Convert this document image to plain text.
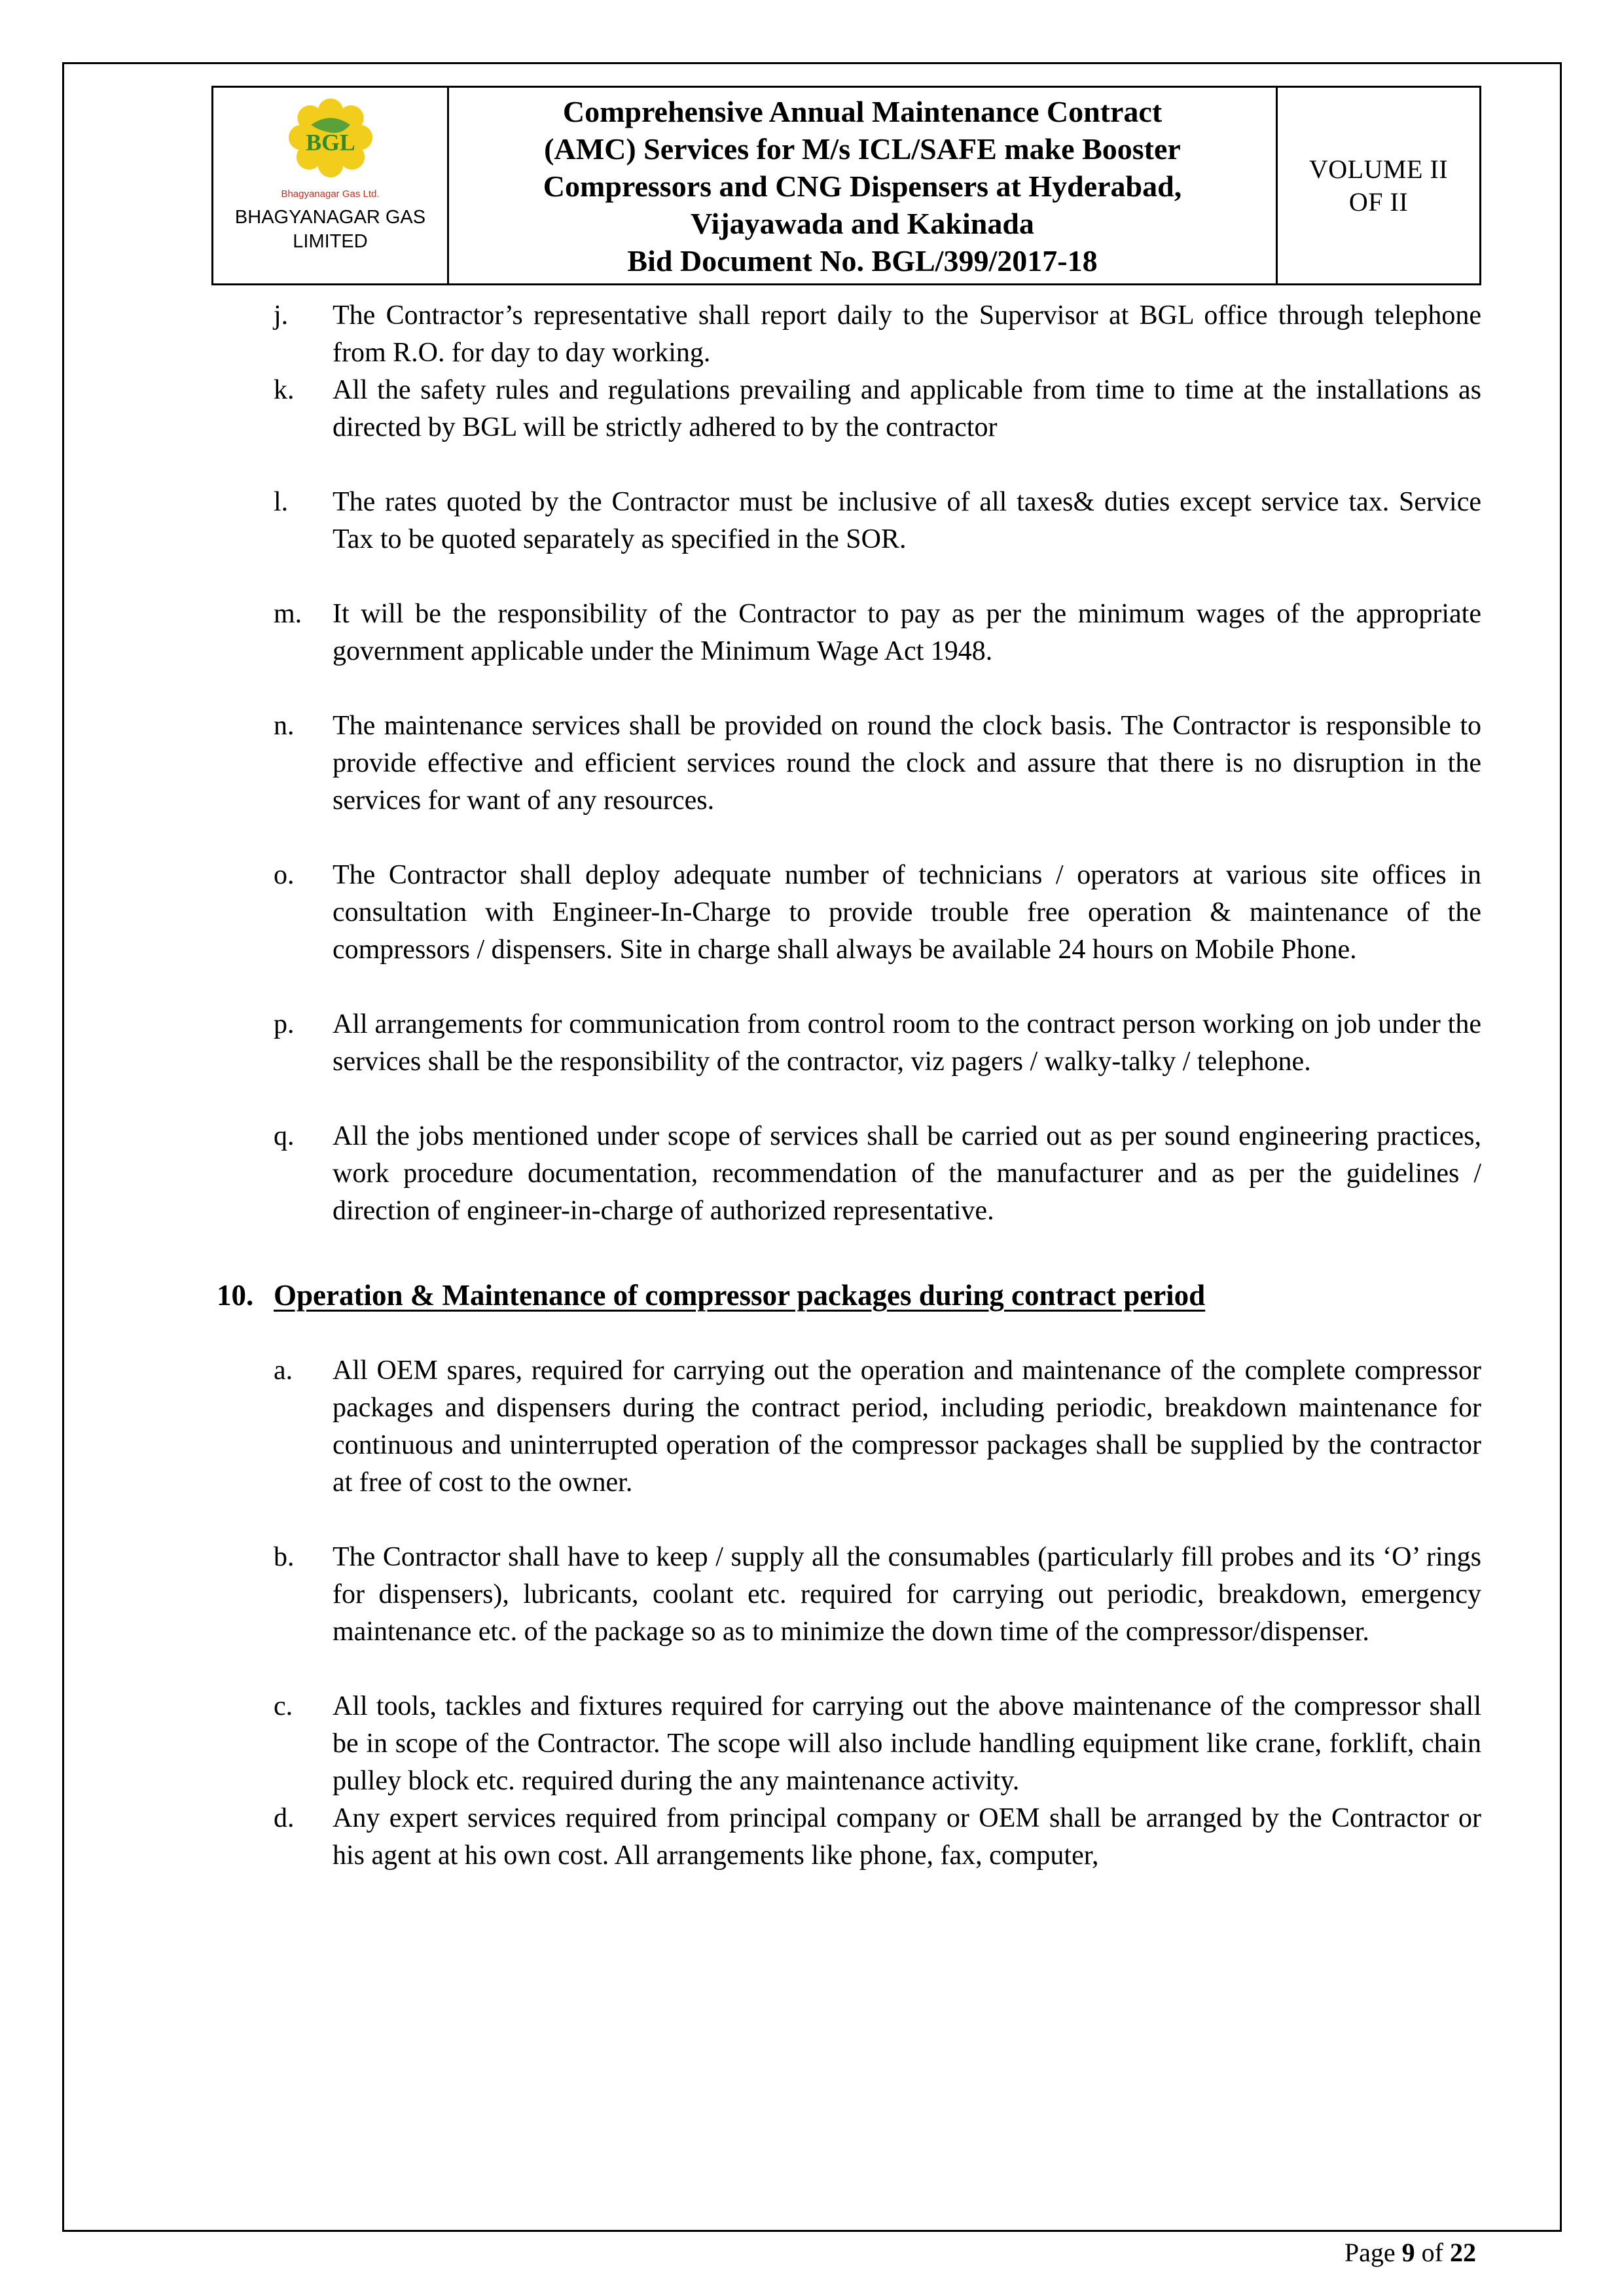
BGL
Bhagyanagar Gas Ltd.
BHAGYANAGAR GAS
LIMITED
Comprehensive Annual Maintenance Contract
(AMC) Services for M/s ICL/SAFE make Booster
Compressors and CNG Dispensers at Hyderabad,
Vijayawada and Kakinada
Bid Document No. BGL/399/2017-18
VOLUME II
OF II
j.	The Contractor’s representative shall report daily to the Supervisor at BGL office through telephone from R.O. for day to day working.

k.	All the safety rules and regulations prevailing and applicable from time to time at the installations as directed by BGL will be strictly adhered to by the contractor

l.	The rates quoted by the Contractor must be inclusive of all taxes& duties except service tax. Service Tax to be quoted separately as specified in the SOR.

m.	It will be the responsibility of the Contractor to pay as per the minimum wages of the appropriate government applicable under the Minimum Wage Act 1948.

n.	The maintenance services shall be provided on round the clock basis. The Contractor is responsible to provide effective and efficient services round the clock and assure that there is no disruption in the services for want of any resources.

o.	The Contractor shall deploy adequate number of technicians / operators at various site offices in consultation with Engineer-In-Charge to provide trouble free operation & maintenance of the compressors / dispensers. Site in charge shall always be available 24 hours on Mobile Phone.

p.	All arrangements for communication from control room to the contract person working on job under the services shall be the responsibility of the contractor, viz pagers / walky-talky / telephone.

q.	All the jobs mentioned under scope of services shall be carried out as per sound engineering practices, work procedure documentation, recommendation of the manufacturer and as per the guidelines / direction of engineer-in-charge of authorized representative.

10. Operation & Maintenance of compressor packages during contract period
a.	All OEM spares, required for carrying out the operation and maintenance of the complete compressor packages and dispensers during the contract period, including periodic, breakdown maintenance for continuous and uninterrupted operation of the compressor packages shall be supplied by the contractor at free of cost to the owner.

b.	The Contractor shall have to keep / supply all the consumables (particularly fill probes and its ‘O’ rings for dispensers), lubricants, coolant etc. required for carrying out periodic, breakdown, emergency maintenance etc. of the package so as to minimize the down time of the compressor/dispenser.

c.	All tools, tackles and fixtures required for carrying out the above maintenance of the compressor shall be in scope of the Contractor. The scope will also include handling equipment like crane, forklift, chain pulley block etc. required during the any maintenance activity.

d.	Any expert services required from principal company or OEM shall be arranged by the Contractor or his agent at his own cost. All arrangements like phone, fax, computer,

Page 9 of 22
